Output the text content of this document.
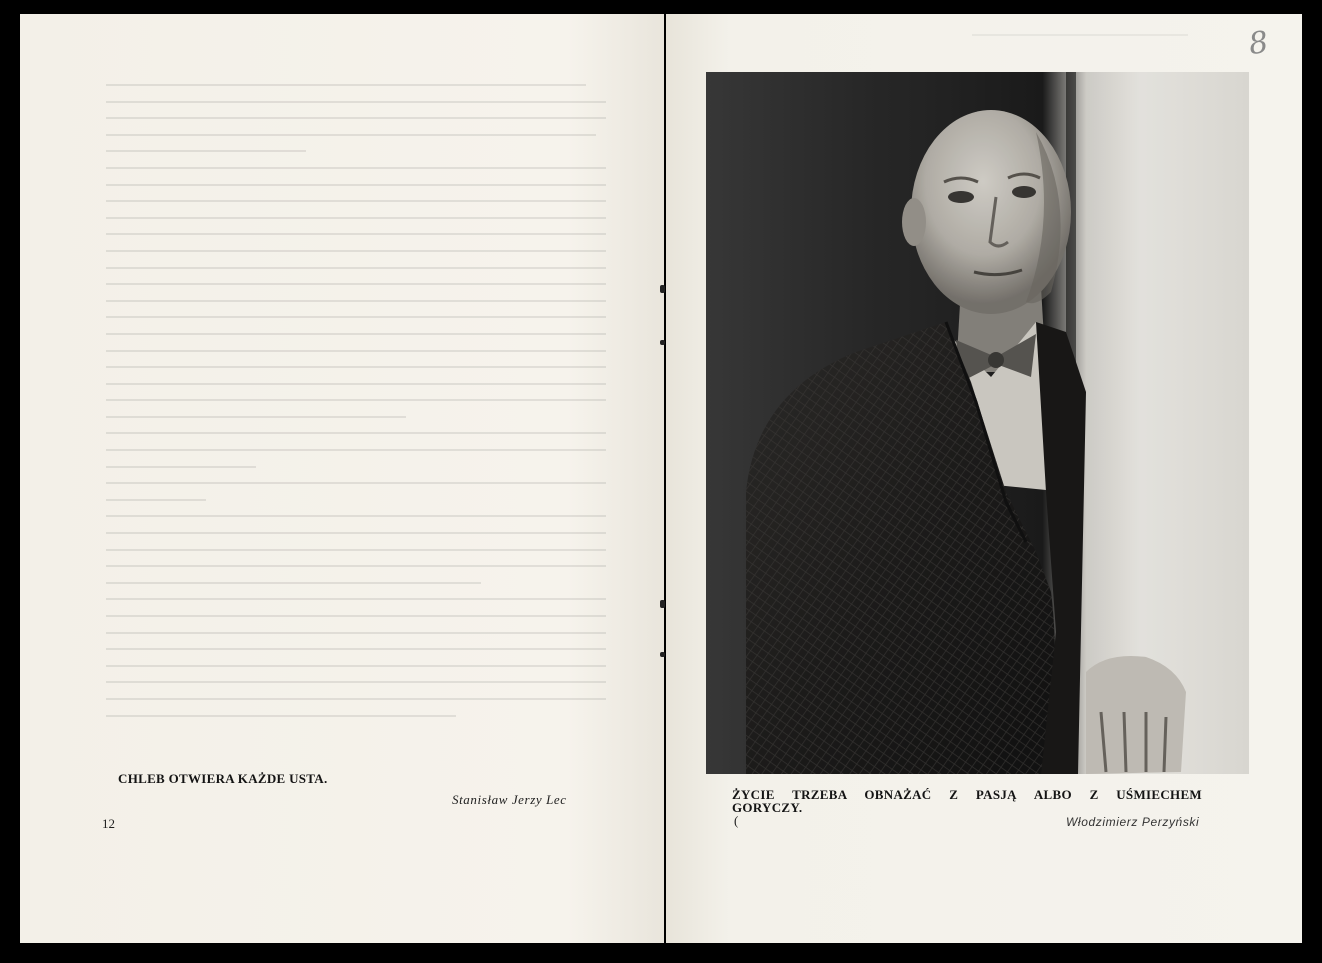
CHLEB OTWIERA KAŻDE USTA.
Stanisław Jerzy Lec
12
8
ŻYCIE TRZEBA OBNAŻAĆ Z PASJĄ ALBO Z UŚMIECHEM GORYCZY.
(	Włodzimierz Perzyński
